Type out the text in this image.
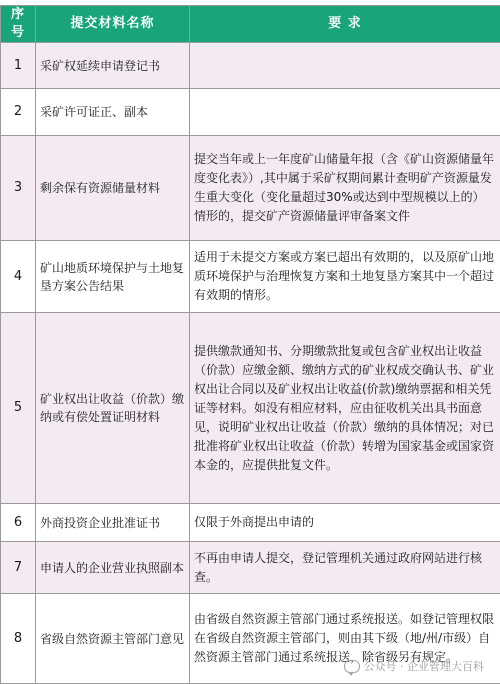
序号	提交材料名称	要 求
1	采矿权延续申请登记书	
2	采矿许可证正、副本	
3	剩余保有资源储量材料	提交当年或上一年度矿山储量年报（含《矿山资源储量年度变化表》）,其中属于采矿权期间累计查明矿产资源量发生重大变化（变化量超过30%或达到中型规模以上的）情形的，提交矿产资源储量评审备案文件
4	矿山地质环境保护与土地复垦方案公告结果	适用于未提交方案或方案已超出有效期的，以及原矿山地质环境保护与治理恢复方案和土地复垦方案其中一个超过有效期的情形。
5	矿业权出让收益（价款）缴纳或有偿处置证明材料	提供缴款通知书、分期缴款批复或包含矿业权出让收益（价款）应缴金额、缴纳方式的矿业权成交确认书、矿业权出让合同以及矿业权出让收益(价款)缴纳票据和相关凭证等材料。如没有相应材料，应由征收机关出具书面意见，说明矿业权出让收益（价款）缴纳的具体情况；对已批准将矿业权出让收益（价款）转增为国家基金或国家资本金的，应提供批复文件。
6	外商投资企业批准证书	仅限于外商提出申请的
7	申请人的企业营业执照副本	不再由申请人提交，登记管理机关通过政府网站进行核查。
8	省级自然资源主管部门意见	由省级自然资源主管部门通过系统报送。如登记管理权限在省级自然资源主管部门，则由其下级（地/州/市级）自然资源主管部门通过系统报送，除省级另有规定。
公众号 · 企业管理大百科
